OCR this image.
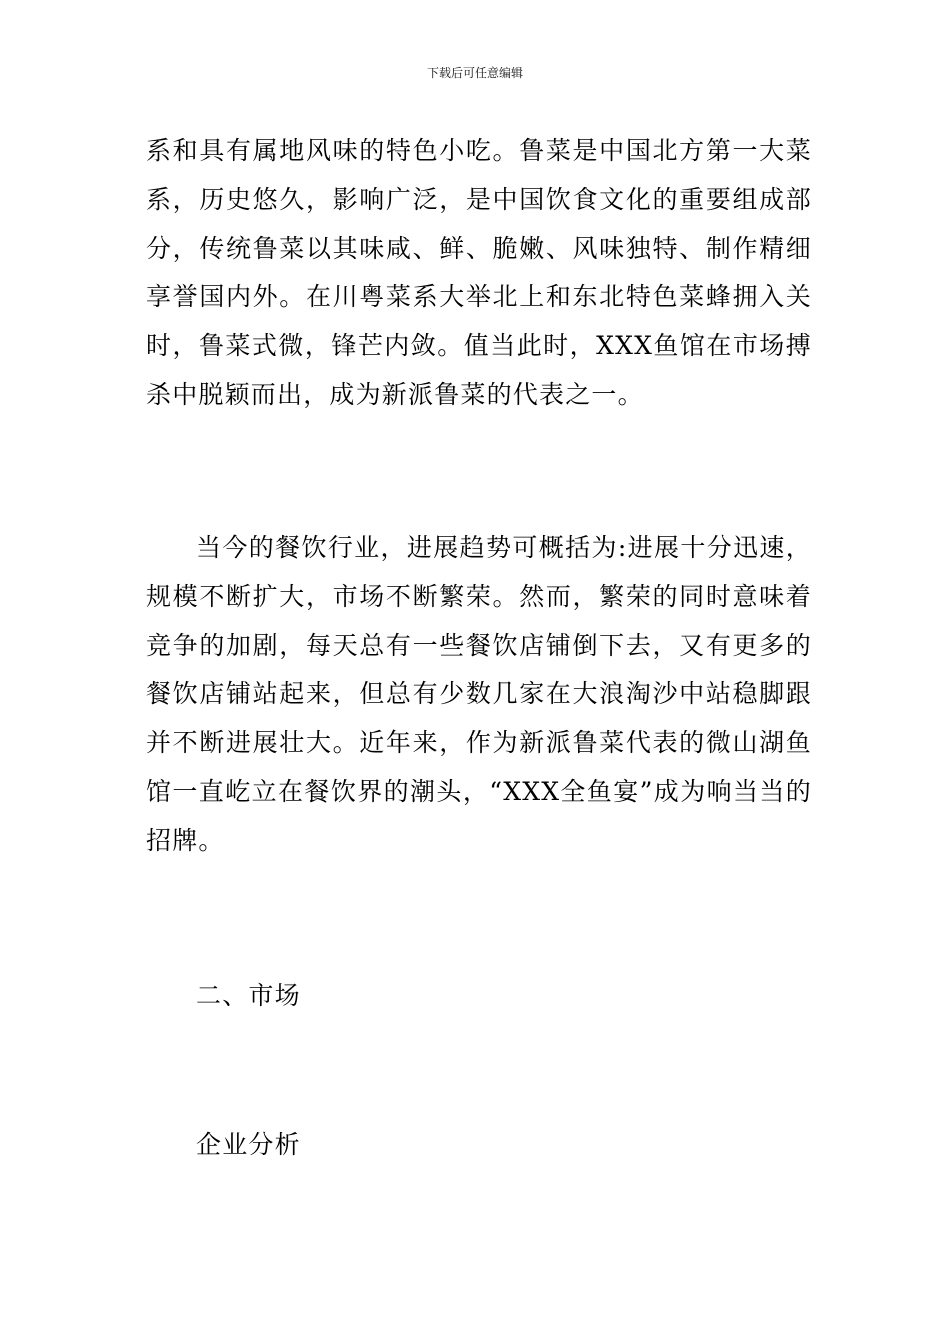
下载后可任意编辑

系和具有属地风味的特色小吃。鲁菜是中国北方第一大菜系，历史悠久，影响广泛，是中国饮食文化的重要组成部分，传统鲁菜以其味咸、鲜、脆嫩、风味独特、制作精细享誉国内外。在川粤菜系大举北上和东北特色菜蜂拥入关时，鲁菜式微，锋芒内敛。值当此时，XXX鱼馆在市场搏杀中脱颖而出，成为新派鲁菜的代表之一。

当今的餐饮行业，进展趋势可概括为:进展十分迅速，规模不断扩大，市场不断繁荣。然而，繁荣的同时意味着竞争的加剧，每天总有一些餐饮店铺倒下去，又有更多的餐饮店铺站起来，但总有少数几家在大浪淘沙中站稳脚跟并不断进展壮大。近年来，作为新派鲁菜代表的微山湖鱼馆一直屹立在餐饮界的潮头，“XXX全鱼宴”成为响当当的招牌。

二、市场
企业分析
